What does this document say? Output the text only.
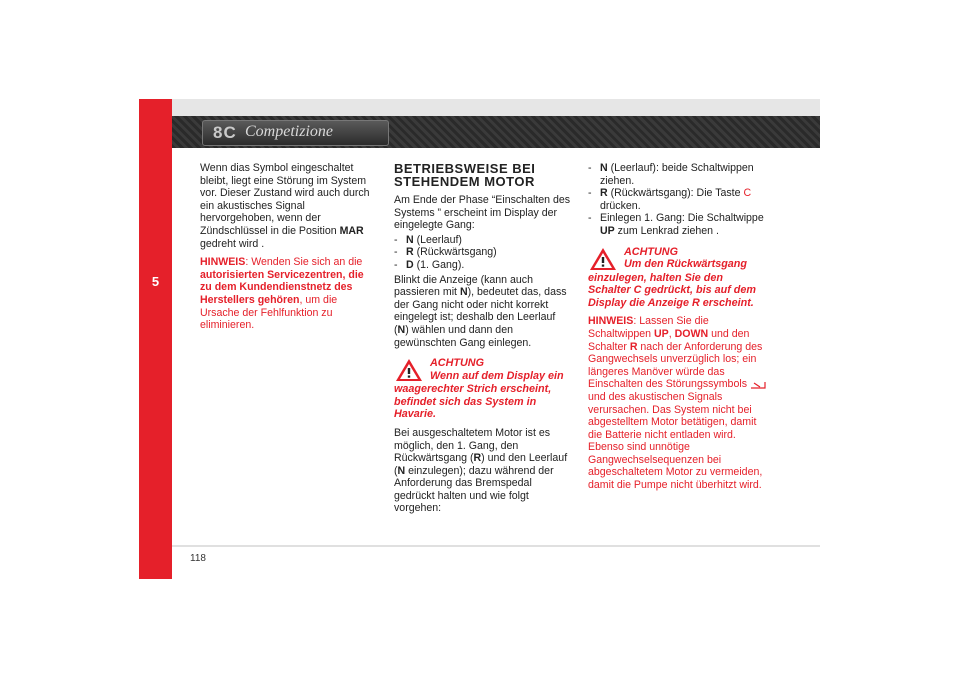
5
8C Competizione

Wenn dias Symbol eingeschaltet bleibt, liegt eine Störung im System vor. Dieser Zustand wird auch durch ein akustisches Signal hervorgehoben, wenn der Zündschlüssel in die Position MAR gedreht wird .

HINWEIS: Wenden Sie sich an die autorisierten Servicezentren, die zu dem Kundendienstnetz des Herstellers gehören, um die Ursache der Fehlfunktion zu eliminieren.

BETRIEBSWEISE BEI STEHENDEM MOTOR

Am Ende der Phase “Einschalten des Systems ” erscheint im Display der eingelegte Gang:

- N (Leerlauf)
- R (Rückwärtsgang)
- D (1. Gang).

Blinkt die Anzeige (kann auch passieren mit N), bedeutet das, dass der Gang nicht oder nicht korrekt eingelegt ist; deshalb den Leerlauf (N) wählen und dann den gewünschten Gang einlegen.

ACHTUNG
Wenn auf dem Display ein
waagerechter Strich erscheint, befindet sich das System in Havarie.

Bei ausgeschaltetem Motor ist es möglich, den 1. Gang, den Rückwärtsgang (R) und den Leerlauf (N einzulegen); dazu während der Anforderung das Bremspedal gedrückt halten und wie folgt vorgehen:

- N (Leerlauf): beide Schaltwippen ziehen.
- R (Rückwärtsgang): Die Taste C drücken.
- Einlegen 1. Gang: Die Schaltwippe UP zum Lenkrad ziehen .
ACHTUNG
Um den Rückwärtsgang
einzulegen, halten Sie den Schalter C gedrückt, bis auf dem Display die Anzeige R erscheint.

HINWEIS: Lassen Sie die Schaltwippen UP, DOWN und den Schalter R nach der Anforderung des Gangwechsels unverzüglich los; ein längeres Manöver würde das Einschalten des Störungssymbols  und des akustischen Signals verursachen. Das System nicht bei abgestelltem Motor betätigen, damit die Batterie nicht entladen wird. Ebenso sind unnötige Gangwechselsequenzen bei abgeschaltetem Motor zu vermeiden, damit die Pumpe nicht überhitzt wird.

118
